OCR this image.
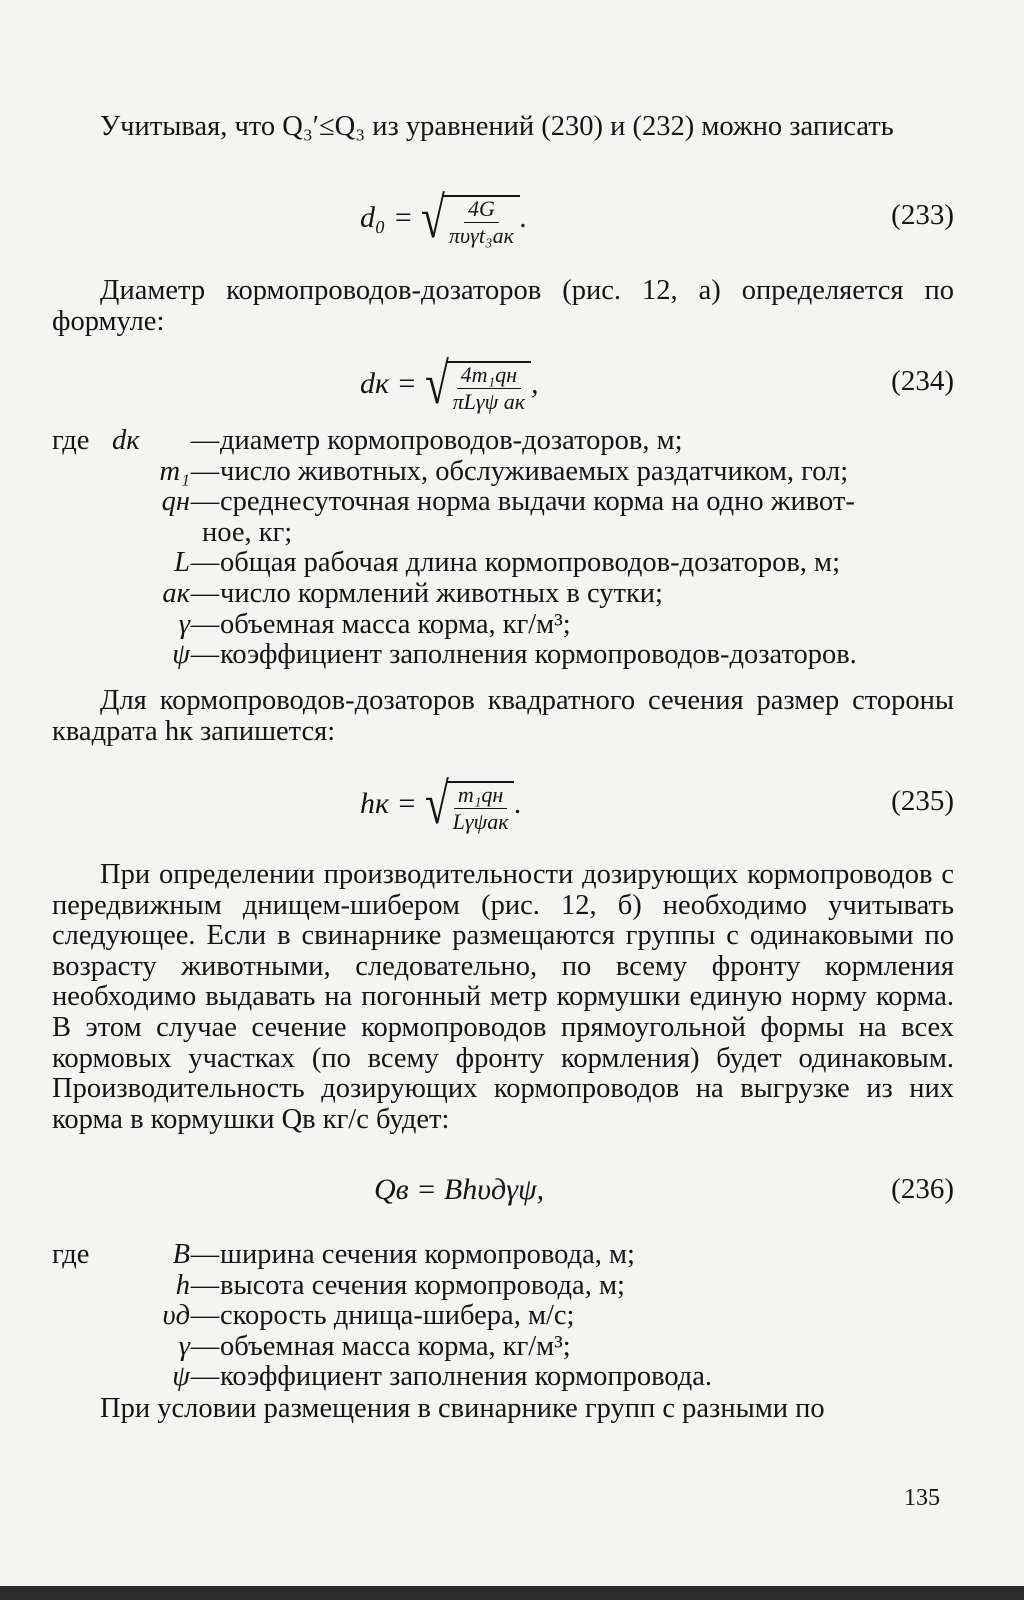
Учитывая, что Q₃′≤Q₃ из уравнений (230) и (232) можно записать

d₀ = √
$\frac{4G}{\text{πυγt₃aк}}$ .	(233)

Диаметр кормопроводов-дозаторов (рис. 12, а) определяется по формуле:

dк = √
$\frac{\text{4m₁qн}}{\text{πLγψ aк}}$ ,	(234)
где dк	— диаметр кормопроводов-дозаторов, м;
m₁ — число животных, обслуживаемых раздатчиком, гол;
qн — среднесуточная норма выдачи корма на одно живот-
ное, кг;
L — общая рабочая длина кормопроводов-дозаторов, м;
aк — число кормлений животных в сутки;
γ — объемная масса корма, кг/м³;
ψ — коэффициент заполнения кормопроводов-дозаторов.

Для кормопроводов-дозаторов квадратного сечения размер стороны квадрата hк запишется:

hк = √
$\frac{\text{m₁qн}}{\text{Lγψaк}}$ .	(235)

При определении производительности дозирующих кормопроводов с передвижным днищем-шибером (рис. 12, б) необходимо учитывать следующее. Если в свинарнике размещаются группы с одинаковыми по возрасту животными, следовательно, по всему фронту кормления необходимо выдавать на погонный метр кормушки единую норму корма. В этом случае сечение кормопроводов прямоугольной формы на всех кормовых участках (по всему фронту кормления) будет одинаковым. Производительность дозирующих кормопроводов на выгрузке из них корма в кормушки Qв кг/с будет:

Qв = Bhυдγψ,	(236)
где	B — ширина сечения кормопровода, м;
h — высота сечения кормопровода, м;
υд — скорость днища-шибера, м/с;
γ — объемная масса корма, кг/м³;
ψ — коэффициент заполнения кормопровода.

При условии размещения в свинарнике групп с разными по

135
